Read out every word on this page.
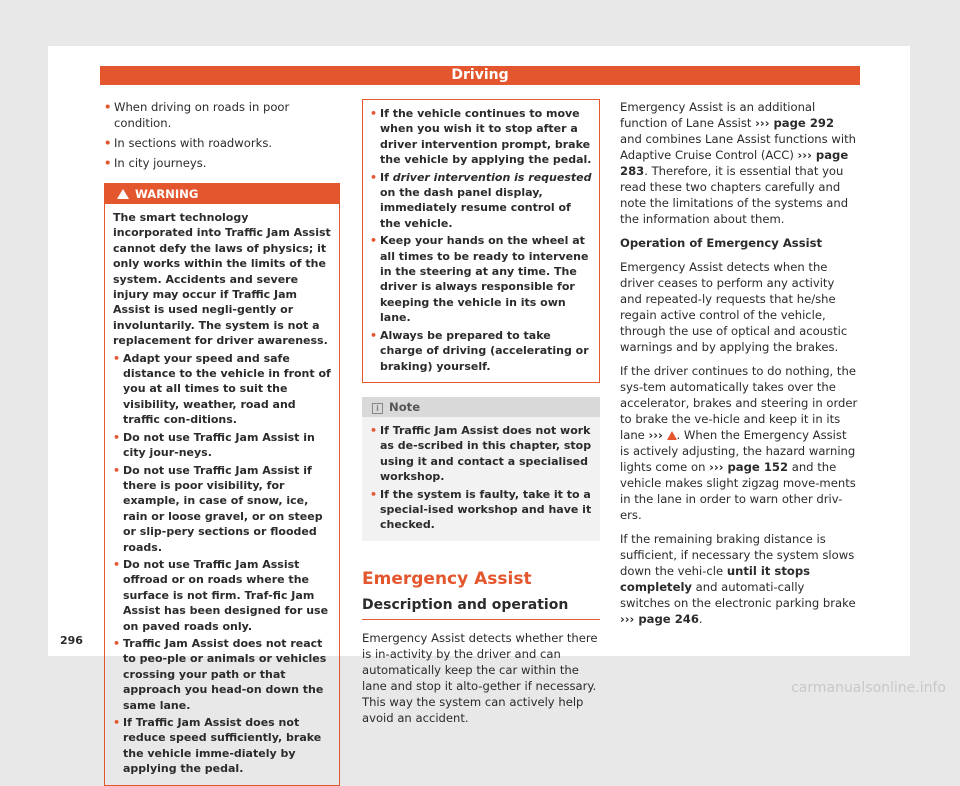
Driving
• When driving on roads in poor condition.
• In sections with roadworks.
• In city journeys.
WARNING

The smart technology incorporated into Traffic Jam Assist cannot defy the laws of physics; it only works within the limits of the system. Accidents and severe injury may occur if Traffic Jam Assist is used negli-gently or involuntarily. The system is not a replacement for driver awareness.

• Adapt your speed and safe distance to the vehicle in front of you at all times to suit the visibility, weather, road and traffic con-ditions.
• Do not use Traffic Jam Assist in city jour-neys.
• Do not use Traffic Jam Assist if there is poor visibility, for example, in case of snow, ice, rain or loose gravel, or on steep or slip-pery sections or flooded roads.
• Do not use Traffic Jam Assist offroad or on roads where the surface is not firm. Traf-fic Jam Assist has been designed for use on paved roads only.
• Traffic Jam Assist does not react to peo-ple or animals or vehicles crossing your path or that approach you head-on down the same lane.
• If Traffic Jam Assist does not reduce speed sufficiently, brake the vehicle imme-diately by applying the pedal.
• If the vehicle continues to move when you wish it to stop after a driver intervention prompt, brake the vehicle by applying the pedal.
• If driver intervention is requested on the dash panel display, immediately resume control of the vehicle.
• Keep your hands on the wheel at all times to be ready to intervene in the steering at any time. The driver is always responsible for keeping the vehicle in its own lane.
• Always be prepared to take charge of driving (accelerating or braking) yourself.
i Note
• If Traffic Jam Assist does not work as de-scribed in this chapter, stop using it and contact a specialised workshop.
• If the system is faulty, take it to a special-ised workshop and have it checked.
Emergency Assist
Description and operation

Emergency Assist detects whether there is in-activity by the driver and can automatically keep the car within the lane and stop it alto-gether if necessary. This way the system can actively help avoid an accident.

Emergency Assist is an additional function of Lane Assist ››› page 292 and combines Lane Assist functions with Adaptive Cruise Control (ACC) ››› page 283. Therefore, it is essential that you read these two chapters carefully and note the limitations of the systems and the information about them.

Operation of Emergency Assist

Emergency Assist detects when the driver ceases to perform any activity and repeated-ly requests that he/she regain active control of the vehicle, through the use of optical and acoustic warnings and by applying the brakes.

If the driver continues to do nothing, the sys-tem automatically takes over the accelerator, brakes and steering in order to brake the ve-hicle and keep it in its lane ››› . When the Emergency Assist is actively adjusting, the hazard warning lights come on ››› page 152 and the vehicle makes slight zigzag move-ments in the lane in order to warn other driv-ers.

If the remaining braking distance is sufficient, if necessary the system slows down the vehi-cle until it stops completely and automati-cally switches on the electronic parking brake ››› page 246.

296
carmanualsonline.info
